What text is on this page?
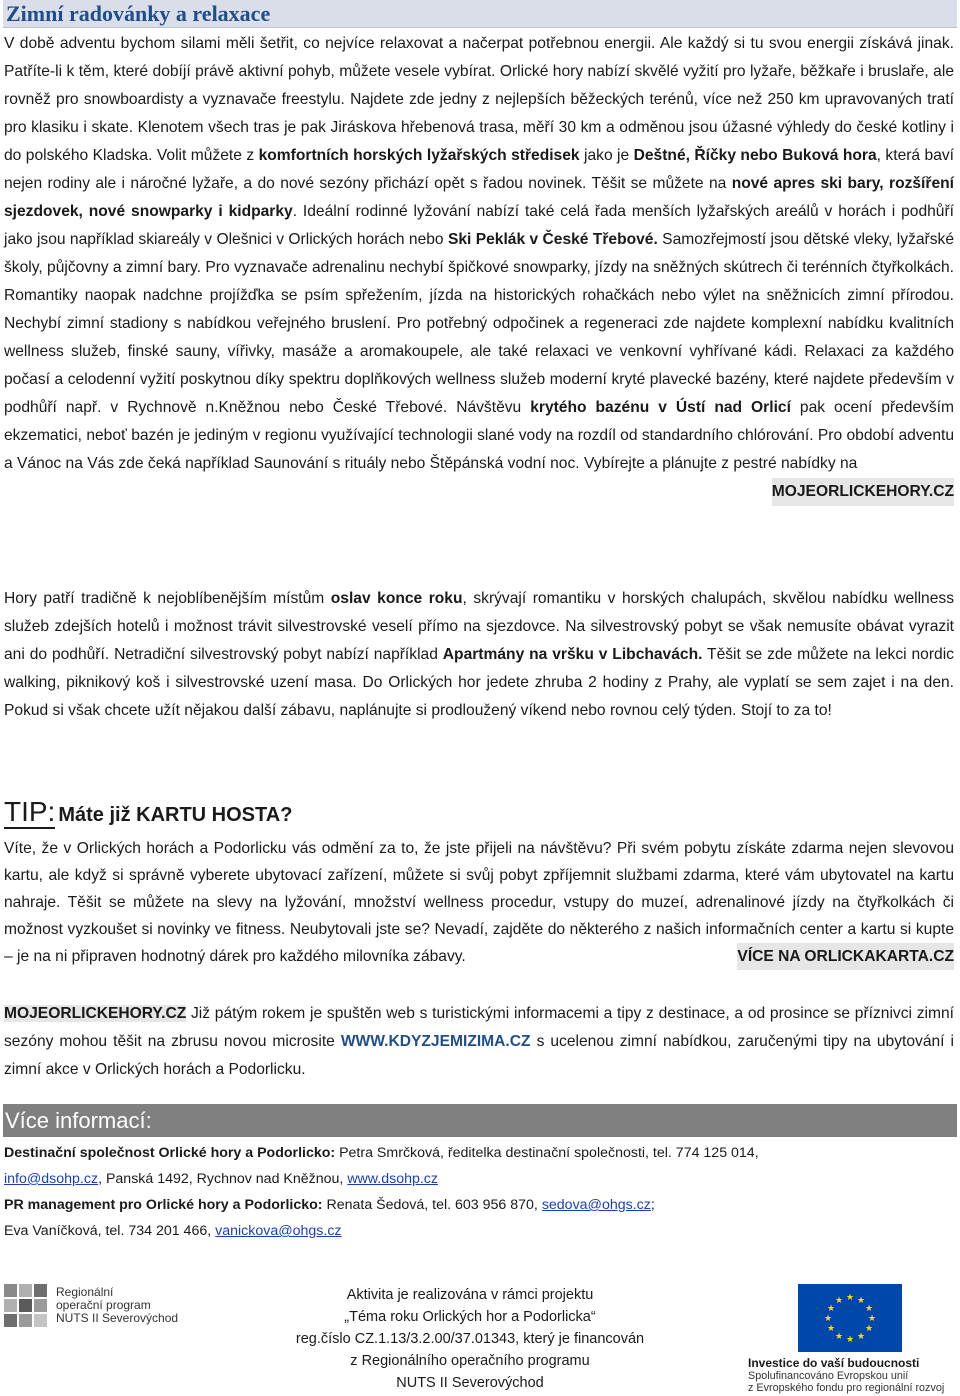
Zimní radovánky a relaxace
V době adventu bychom silami měli šetřit, co nejvíce relaxovat a načerpat potřebnou energii. Ale každý si tu svou energii získává jinak. Patříte-li k těm, které dobíjí právě aktivní pohyb, můžete vesele vybírat. Orlické hory nabízí skvělé vyžití pro lyžaře, běžkaře i bruslaře, ale rovněž pro snowboardisty a vyznavače freestylu. Najdete zde jedny z nejlepších běžeckých terénů, více než 250 km upravovaných tratí pro klasiku i skate. Klenotem všech tras je pak Jiráskova hřebenová trasa, měří 30 km a odměnou jsou úžasné výhledy do české kotliny i do polského Kladska. Volit můžete z komfortních horských lyžařských středisek jako je Deštné, Říčky nebo Buková hora, která baví nejen rodiny ale i náročné lyžaře, a do nové sezóny přichází opět s řadou novinek. Těšit se můžete na nové apres ski bary, rozšíření sjezdovek, nové snowparky i kidparky. Ideální rodinné lyžování nabízí také celá řada menších lyžařských areálů v horách i podhůří jako jsou například skiareály v Olešnici v Orlických horách nebo Ski Peklák v České Třebové. Samozřejmostí jsou dětské vleky, lyžařské školy, půjčovny a zimní bary. Pro vyznavače adrenalinu nechybí špičkové snowparky, jízdy na sněžných skútrech či terénních čtyřkolkách. Romantiky naopak nadchne projížďka se psím spřežením, jízda na historických rohačkách nebo výlet na sněžnicích zimní přírodou. Nechybí zimní stadiony s nabídkou veřejného bruslení. Pro potřebný odpočinek a regeneraci zde najdete komplexní nabídku kvalitních wellness služeb, finské sauny, vířivky, masáže a aromakoupele, ale také relaxaci ve venkovní vyhřívané kádi. Relaxaci za každého počasí a celodenní vyžití poskytnou díky spektru doplňkových wellness služeb moderní kryté plavecké bazény, které najdete především v podhůří např. v Rychnově n.Kněžnou nebo České Třebové. Návštěvu krytého bazénu v Ústí nad Orlicí pak ocení především ekzematici, neboť bazén je jediným v regionu využívající technologii slané vody na rozdíl od standardního chlórování. Pro období adventu a Vánoc na Vás zde čeká například Saunování s rituály nebo Štěpánská vodní noc. Vybírejte a plánujte z pestré nabídky na
MOJEORLICKEHORY.CZ
Hory patří tradičně k nejoblíbenějším místům oslav konce roku, skrývají romantiku v horských chalupách, skvělou nabídku wellness služeb zdejších hotelů i možnost trávit silvestrovské veselí přímo na sjezdovce. Na silvestrovský pobyt se však nemusíte obávat vyrazit ani do podhůří. Netradiční silvestrovský pobyt nabízí například Apartmány na vršku v Libchavách. Těšit se zde můžete na lekci nordic walking, piknikový koš i silvestrovské uzení masa. Do Orlických hor jedete zhruba 2 hodiny z Prahy, ale vyplatí se sem zajet i na den. Pokud si však chcete užít nějakou další zábavu, naplánujte si prodloužený víkend nebo rovnou celý týden. Stojí to za to!
TIP: Máte již KARTU HOSTA?
Víte, že v Orlických horách a Podorlicku vás odmění za to, že jste přijeli na návštěvu? Při svém pobytu získáte zdarma nejen slevovou kartu, ale když si správně vyberete ubytovací zařízení, můžete si svůj pobyt zpříjemnit službami zdarma, které vám ubytovatel na kartu nahraje. Těšit se můžete na slevy na lyžování, množství wellness procedur, vstupy do muzeí, adrenalinové jízdy na čtyřkolkách či možnost vyzkoušet si novinky ve fitness. Neubytovali jste se? Nevadí, zajděte do některého z našich informačních center a kartu si kupte – je na ni připraven hodnotný dárek pro každého milovníka zábavy.	VÍCE NA ORLICKAKARTA.CZ
MOJEORLICKEHORY.CZ Již pátým rokem je spuštěn web s turistickými informacemi a tipy z destinace, a od prosince se příznivci zimní sezóny mohou těšit na zbrusu novou microsite WWW.KDYZJEMIZIMA.CZ s ucelenou zimní nabídkou, zaručenými tipy na ubytování i zimní akce v Orlických horách a Podorlicku.
Více informací:
Destinační společnost Orlické hory a Podorlicko: Petra Smrčková, ředitelka destinační společnosti, tel. 774 125 014,
info@dsohp.cz, Panská 1492, Rychnov nad Kněžnou, www.dsohp.cz
PR management pro Orlické hory a Podorlicko: Renata Šedová, tel. 603 956 870, sedova@ohgs.cz;
Eva Vaníčková, tel. 734 201 466, vanickova@ohgs.cz
Regionální
operační program
NUTS II Severovýchod
Aktivita je realizována v rámci projektu
„Téma roku Orlických hor a Podorlicka“
reg.číslo CZ.1.13/3.2.00/37.01343, který je financován
z Regionálního operačního programu
NUTS II Severovýchod
★ ★
★
★
★
★
★
★
★
★
★
★
Investice do vaší budoucnosti
Spolufinancováno Evropskou unií
z Evropského fondu pro regionální rozvoj
